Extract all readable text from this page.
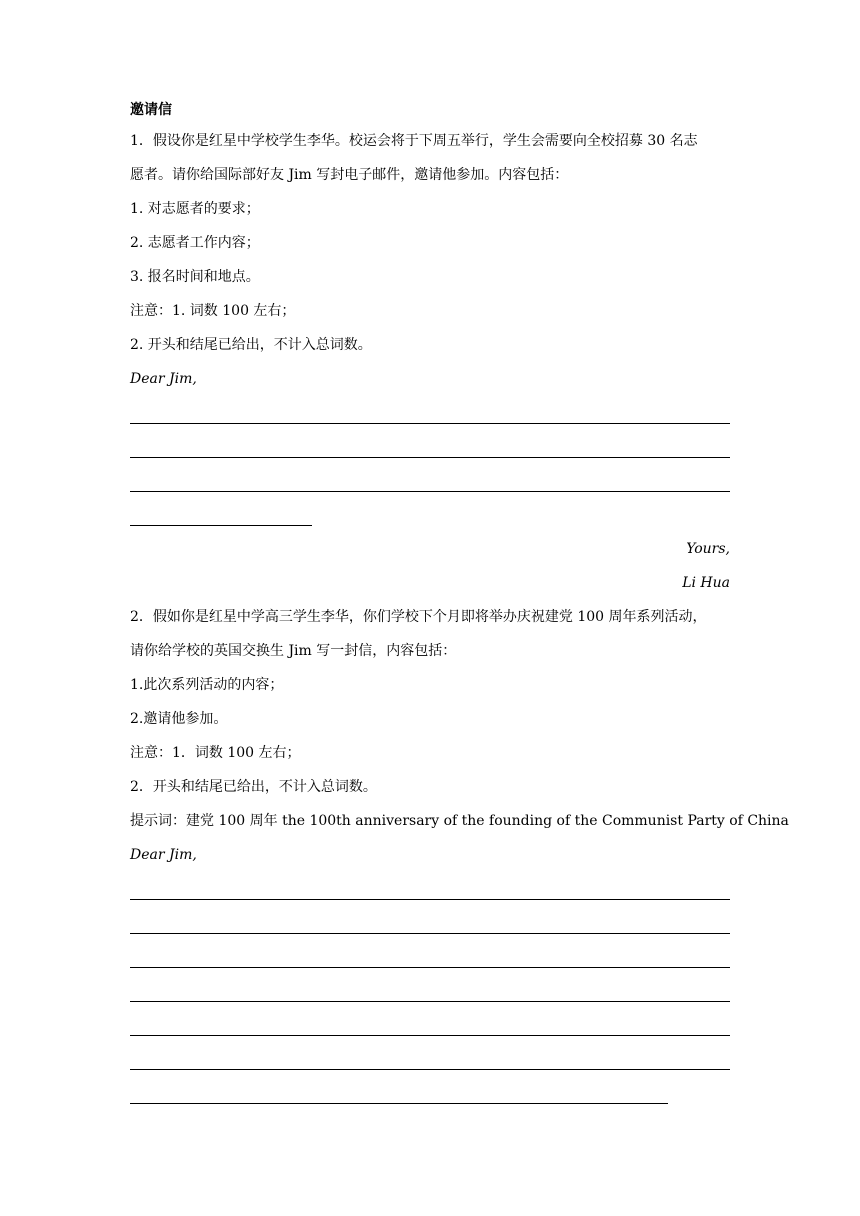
邀请信
1．假设你是红星中学校学生李华。校运会将于下周五举行，学生会需要向全校招募 30 名志
愿者。请你给国际部好友 Jim 写封电子邮件，邀请他参加。内容包括：
1. 对志愿者的要求；
2. 志愿者工作内容；
3. 报名时间和地点。
注意：1. 词数 100 左右；
2. 开头和结尾已给出，不计入总词数。
Dear Jim,
Yours,
Li Hua
2．假如你是红星中学高三学生李华，你们学校下个月即将举办庆祝建党 100 周年系列活动，
请你给学校的英国交换生 Jim 写一封信，内容包括：
1.此次系列活动的内容；
2.邀请他参加。
注意：1．词数 100 左右；
2．开头和结尾已给出，不计入总词数。
提示词：建党 100 周年 the 100th anniversary of the founding of the Communist Party of China
Dear Jim,
